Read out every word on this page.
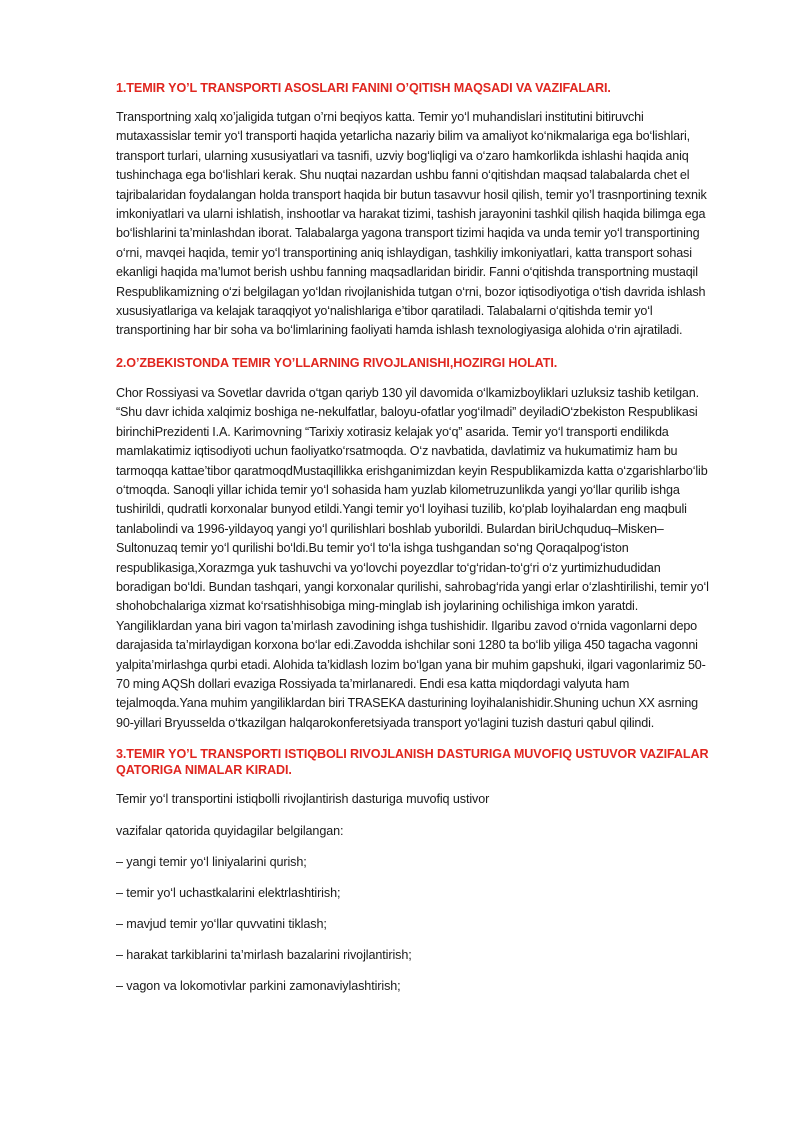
1.TEMIR YO’L TRANSPORTI ASOSLARI FANINI O’QITISH MAQSADI VA VAZIFALARI.

Transportning xalq xo’jaligida tutgan o’rni beqiyos katta. Temir yo‘l muhandislari institutini bitiruvchi mutaxassislar temir yo‘l transporti haqida yetarlicha nazariy bilim va amaliyot ko‘nikmalariga ega bo‘lishlari, transport turlari, ularning xususiyatlari va tasnifi, uzviy bog‘liqligi va o‘zaro hamkorlikda ishlashi haqida aniq tushinchaga ega bo‘lishlari kerak. Shu nuqtai nazardan ushbu fanni o‘qitishdan maqsad talabalarda chet el tajribalaridan foydalangan holda transport haqida bir butun tasavvur hosil qilish, temir yo’l trasnportining texnik imkoniyatlari va ularni ishlatish, inshootlar va harakat tizimi, tashish jarayonini tashkil qilish haqida bilimga ega bo‘lishlarini ta’minlashdan iborat. Talabalarga yagona transport tizimi haqida va unda temir yo‘l transportining o‘rni, mavqei haqida, temir yo‘l transportining aniq ishlaydigan, tashkiliy imkoniyatlari, katta transport sohasi ekanligi haqida ma’lumot berish ushbu fanning maqsadlaridan biridir. Fanni o‘qitishda transportning mustaqil Respublikamizning o‘zi belgilagan yo‘ldan rivojlanishida tutgan o‘rni, bozor iqtisodiyotiga o‘tish davrida ishlash xususiyatlariga va kelajak taraqqiyot yo‘nalishlariga e’tibor qaratiladi. Talabalarni o‘qitishda temir yo‘l transportining har bir soha va bo‘limlarining faoliyati hamda ishlash texnologiyasiga alohida o‘rin ajratiladi.

2.O’ZBEKISTONDA TEMIR YO’LLARNING RIVOJLANISHI,HOZIRGI HOLATI.

Chor Rossiyasi va Sovetlar davrida o‘tgan qariyb 130 yil davomida o‘lkamizboyliklari uzluksiz tashib ketilgan. “Shu davr ichida xalqimiz boshiga ne-nekulfatlar, baloyu-ofatlar yog‘ilmadi” deyiladiO‘zbekiston Respublikasi birinchiPrezidenti I.A. Karimovning “Tarixiy xotirasiz kelajak yo‘q” asarida. Temir yo‘l transporti endilikda mamlakatimiz iqtisodiyoti uchun faoliyatko‘rsatmoqda. O‘z navbatida, davlatimiz va hukumatimiz ham bu tarmoqqa kattae’tibor qaratmoqdMustaqillikka erishganimizdan keyin Respublikamizda katta o‘zgarishlarbo‘lib o‘tmoqda. Sanoqli yillar ichida temir yo‘l sohasida ham yuzlab kilometruzunlikda yangi yo‘llar qurilib ishga tushirildi, qudratli korxonalar bunyod etildi.Yangi temir yo‘l loyihasi tuzilib, ko‘plab loyihalardan eng maqbuli tanlabolindi va 1996-yildayoq yangi yo‘l qurilishlari boshlab yuborildi. Bulardan biriUchquduq–Misken–Sultonuzaq temir yo‘l qurilishi bo‘ldi.Bu temir yo‘l to‘la ishga tushgandan so‘ng Qoraqalpog‘iston respublikasiga,Xorazmga yuk tashuvchi va yo‘lovchi poyezdlar to‘g‘ridan-to‘g‘ri o‘z yurtimizhududidan boradigan bo‘ldi. Bundan tashqari, yangi korxonalar qurilishi, sahrobag‘rida yangi erlar o‘zlashtirilishi, temir yo‘l shohobchalariga xizmat ko‘rsatishhisobiga ming-minglab ish joylarining ochilishiga imkon yaratdi. Yangiliklardan yana biri vagon ta’mirlash zavodining ishga tushishidir. Ilgaribu zavod o‘rnida vagonlarni depo darajasida ta’mirlaydigan korxona bo‘lar edi.Zavodda ishchilar soni 1280 ta bo‘lib yiliga 450 tagacha vagonni yalpita’mirlashga qurbi etadi. Alohida ta’kidlash lozim bo‘lgan yana bir muhim gapshuki, ilgari vagonlarimiz 50-70 ming AQSh dollari evaziga Rossiyada ta’mirlanaredi. Endi esa katta miqdordagi valyuta ham tejalmoqda.Yana muhim yangiliklardan biri TRASEKA dasturining loyihalanishidir.Shuning uchun XX asrning 90-yillari Bryusselda o‘tkazilgan halqarokonferetsiyada transport yo‘lagini tuzish dasturi qabul qilindi.

3.TEMIR YO’L TRANSPORTI ISTIQBOLI RIVOJLANISH DASTURIGA MUVOFIQ USTUVOR VAZIFALAR QATORIGA NIMALAR KIRADI.

Temir yo‘l transportini istiqbolli rivojlantirish dasturiga muvofiq ustivor

vazifalar qatorida quyidagilar belgilangan:

– yangi temir yo‘l liniyalarini qurish;
– temir yo‘l uchastkalarini elektrlashtirish;
– mavjud temir yo‘llar quvvatini tiklash;
– harakat tarkiblarini ta’mirlash bazalarini rivojlantirish;
– vagon va lokomotivlar parkini zamonaviylashtirish;
